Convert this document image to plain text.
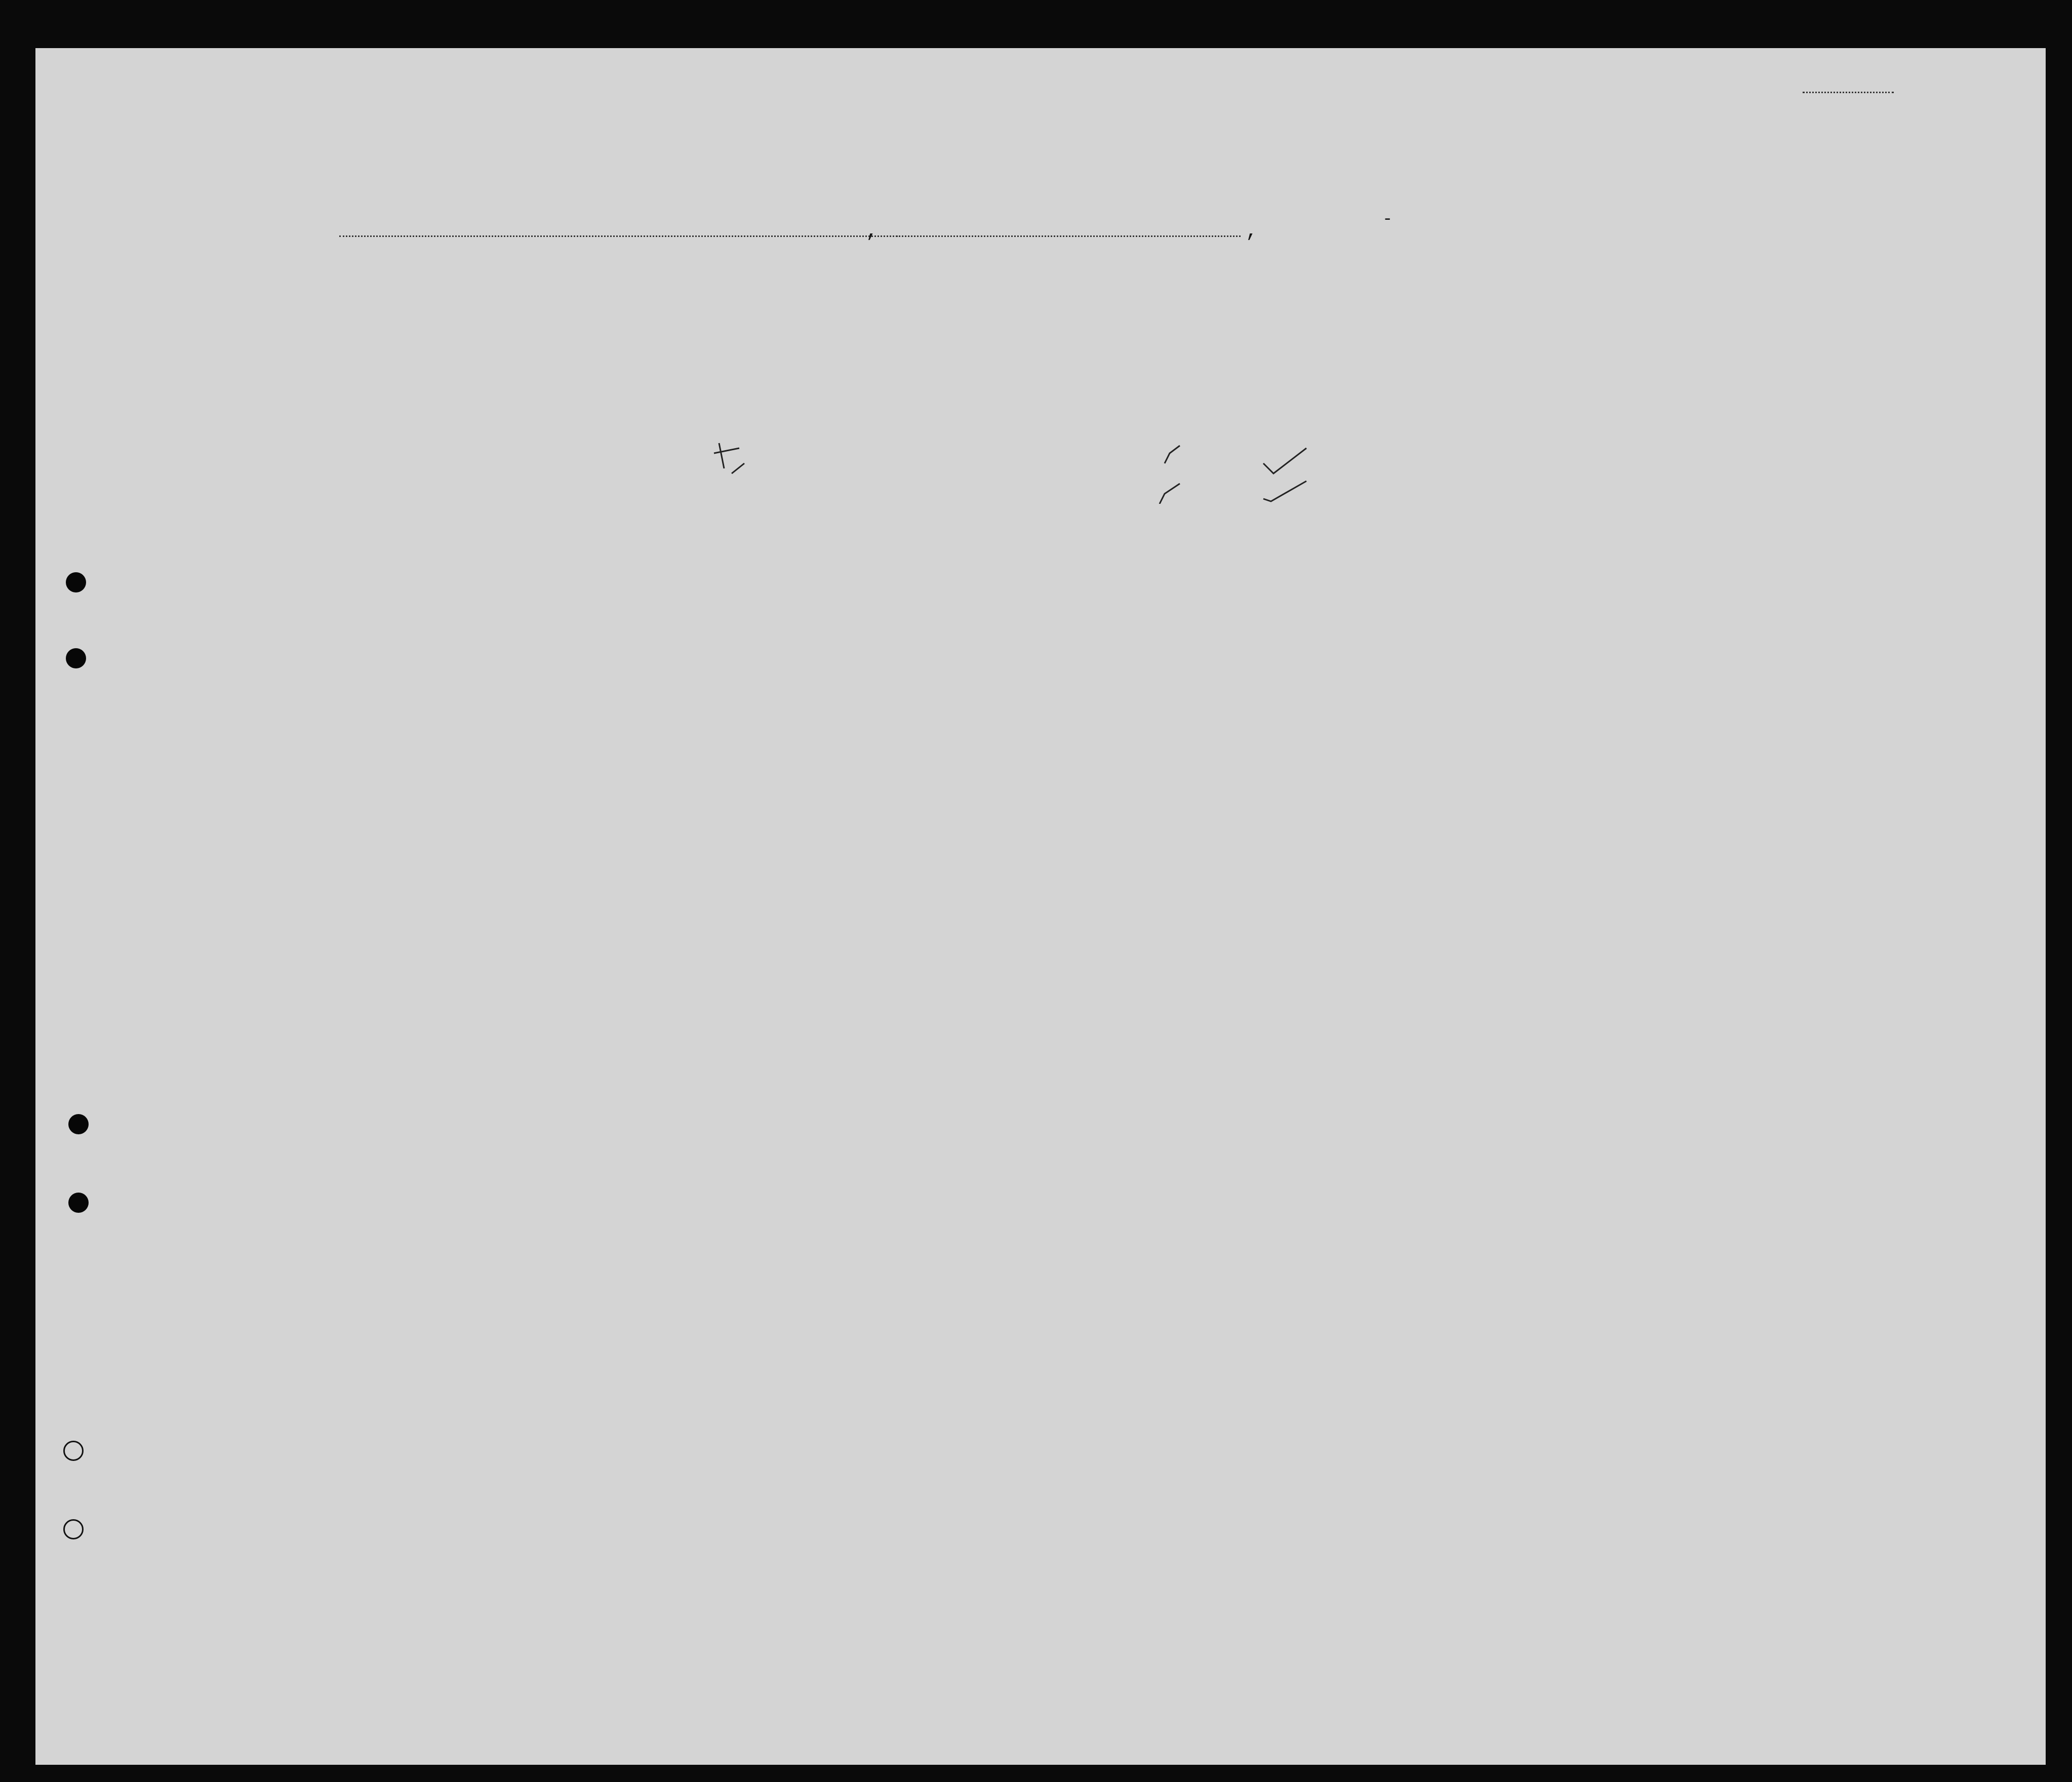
,	,
-
